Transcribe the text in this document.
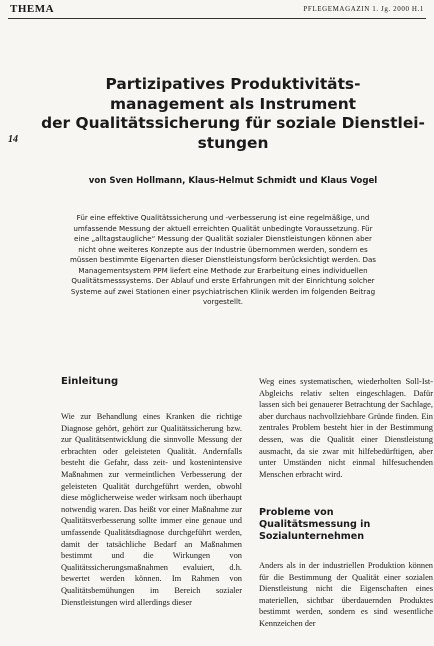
THEMA	PFLEGEMAGAZIN 1. Jg. 2000 H.1
14
Partizipatives Produktivitäts-
management als Instrument
der Qualitätssicherung für soziale Dienstlei-
stungen
von Sven Hollmann, Klaus-Helmut Schmidt und Klaus Vogel

Für eine effektive Qualitätssicherung und -verbesserung ist eine regelmäßige, und umfassende Messung der aktuell erreichten Qualität unbedingte Voraussetzung. Für eine „alltagstaugliche“ Messung der Qualität sozialer Dienstleistungen können aber nicht ohne weiteres Konzepte aus der Industrie übernommen werden, sondern es müssen bestimmte Eigenarten dieser Dienstleistungsform berücksichtigt werden. Das Managementsystem PPM liefert eine Methode zur Erarbeitung eines individuellen Qualitätsmesssystems. Der Ablauf und erste Erfahrungen mit der Einrichtung solcher Systeme auf zwei Stationen einer psychiatrischen Klinik werden im folgenden Beitrag vorgestellt.

Einleitung

Wie zur Behandlung eines Kranken die richtige Diagnose gehört, gehört zur Qualitätssicherung bzw. zur Qualitätsentwicklung die sinnvolle Messung der erbrachten oder geleisteten Qualität. Andernfalls besteht die Gefahr, dass zeit- und kostenintensive Maßnahmen zur vermeintlichen Verbesserung der geleisteten Qualität durchgeführt werden, obwohl diese möglicherweise weder wirksam noch überhaupt notwendig waren. Das heißt vor einer Maßnahme zur Qualitätsverbesserung sollte immer eine genaue und umfassende Qualitätsdiagnose durchgeführt werden, damit der tatsächliche Bedarf an Maßnahmen bestimmt und die Wirkungen von Qualitätssicherungsmaßnahmen evaluiert, d.h. bewertet werden können. Im Rahmen von Qualitätsbemühungen im Bereich sozialer Dienstleistungen wird allerdings dieser

Weg eines systematischen, wiederholten Soll-Ist-Abgleichs relativ selten eingeschlagen. Dafür lassen sich bei genauerer Betrachtung der Sachlage, aber durchaus nachvollziehbare Gründe finden. Ein zentrales Problem besteht hier in der Bestimmung dessen, was die Qualität einer Dienstleistung ausmacht, da sie zwar mit hilfebedürftigen, aber unter Umständen nicht einmal hilfesuchenden Menschen erbracht wird.

Probleme von Qualitätsmessung in Sozialunternehmen

Anders als in der industriellen Produktion können für die Bestimmung der Qualität einer sozialen Dienstleistung nicht die Eigenschaften eines materiellen, sichtbar überdauernden Produktes bestimmt werden, sondern es sind wesentliche Kennzeichen der
